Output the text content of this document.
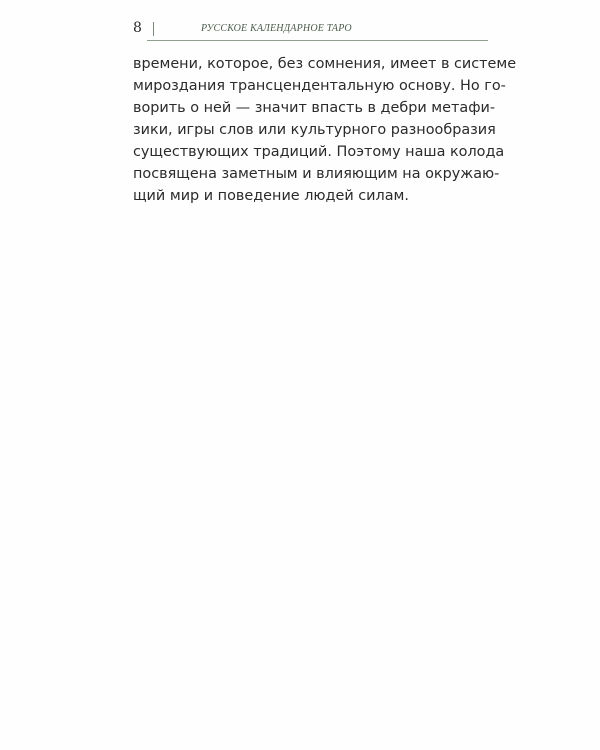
8	РУССКОЕ КАЛЕНДАРНОЕ ТАРО
времени, которое, без сомнения, имеет в системе
мироздания трансцендентальную основу. Но го-
ворить о ней — значит впасть в дебри метафи-
зики, игры слов или культурного разнообразия
существующих традиций. Поэтому наша колода
посвящена заметным и влияющим на окружаю-
щий мир и поведение людей силам.
